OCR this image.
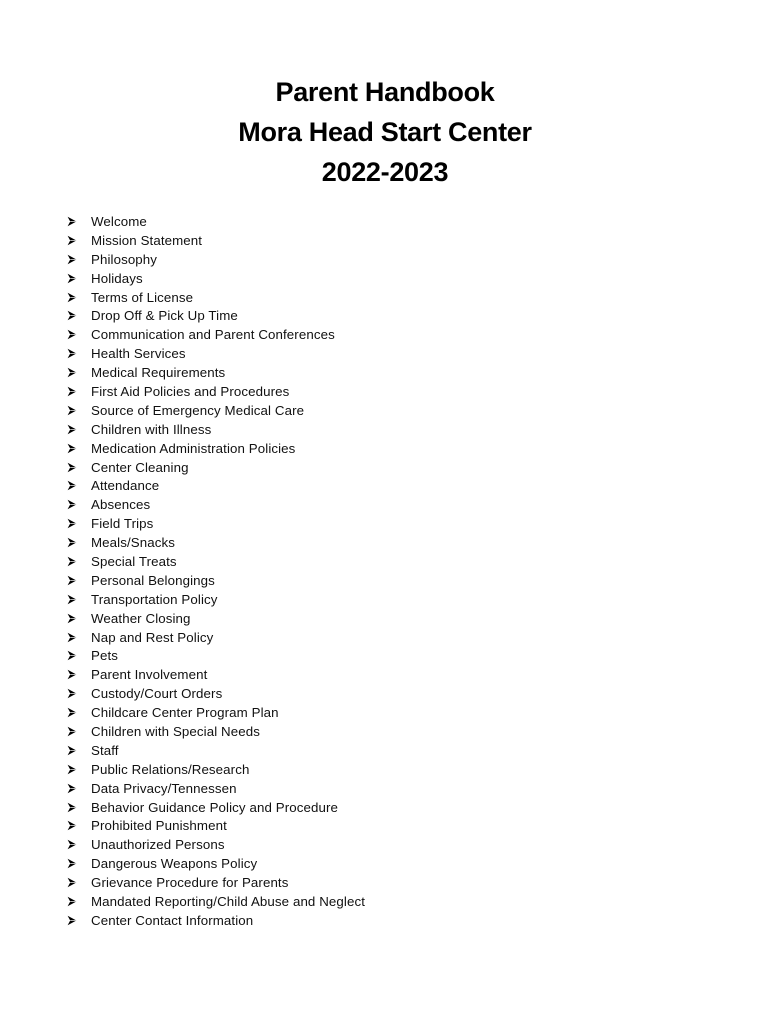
Parent Handbook
Mora Head Start Center
2022-2023
Welcome
Mission Statement
Philosophy
Holidays
Terms of License
Drop Off & Pick Up Time
Communication and Parent Conferences
Health Services
Medical Requirements
First Aid Policies and Procedures
Source of Emergency Medical Care
Children with Illness
Medication Administration Policies
Center Cleaning
Attendance
Absences
Field Trips
Meals/Snacks
Special Treats
Personal Belongings
Transportation Policy
Weather Closing
Nap and Rest Policy
Pets
Parent Involvement
Custody/Court Orders
Childcare Center Program Plan
Children with Special Needs
Staff
Public Relations/Research
Data Privacy/Tennessen
Behavior Guidance Policy and Procedure
Prohibited Punishment
Unauthorized Persons
Dangerous Weapons Policy
Grievance Procedure for Parents
Mandated Reporting/Child Abuse and Neglect
Center Contact Information
